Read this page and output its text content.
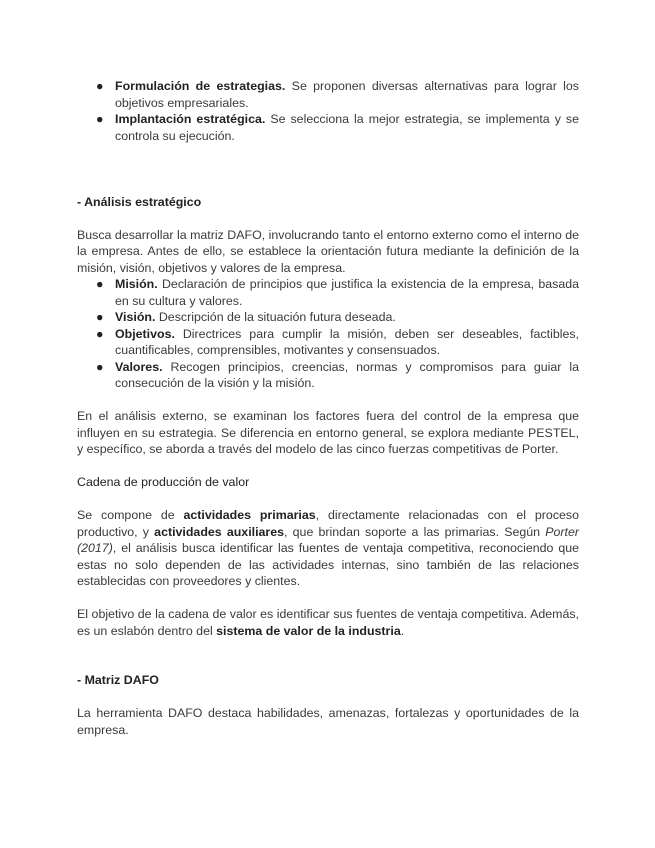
● Formulación de estrategias. Se proponen diversas alternativas para lograr los objetivos empresariales.
● Implantación estratégica. Se selecciona la mejor estrategia, se implementa y se controla su ejecución.
- Análisis estratégico

Busca desarrollar la matriz DAFO, involucrando tanto el entorno externo como el interno de la empresa. Antes de ello, se establece la orientación futura mediante la definición de la misión, visión, objetivos y valores de la empresa.

● Misión. Declaración de principios que justifica la existencia de la empresa, basada en su cultura y valores.
● Visión. Descripción de la situación futura deseada.
● Objetivos. Directrices para cumplir la misión, deben ser deseables, factibles, cuantificables, comprensibles, motivantes y consensuados.
● Valores. Recogen principios, creencias, normas y compromisos para guiar la consecución de la visión y la misión.

En el análisis externo, se examinan los factores fuera del control de la empresa que influyen en su estrategia. Se diferencia en entorno general, se explora mediante PESTEL, y específico, se aborda a través del modelo de las cinco fuerzas competitivas de Porter.

Cadena de producción de valor

Se compone de actividades primarias, directamente relacionadas con el proceso productivo, y actividades auxiliares, que brindan soporte a las primarias. Según Porter (2017), el análisis busca identificar las fuentes de ventaja competitiva, reconociendo que estas no solo dependen de las actividades internas, sino también de las relaciones establecidas con proveedores y clientes.

El objetivo de la cadena de valor es identificar sus fuentes de ventaja competitiva. Además, es un eslabón dentro del sistema de valor de la industria.

- Matriz DAFO

La herramienta DAFO destaca habilidades, amenazas, fortalezas y oportunidades de la empresa.
